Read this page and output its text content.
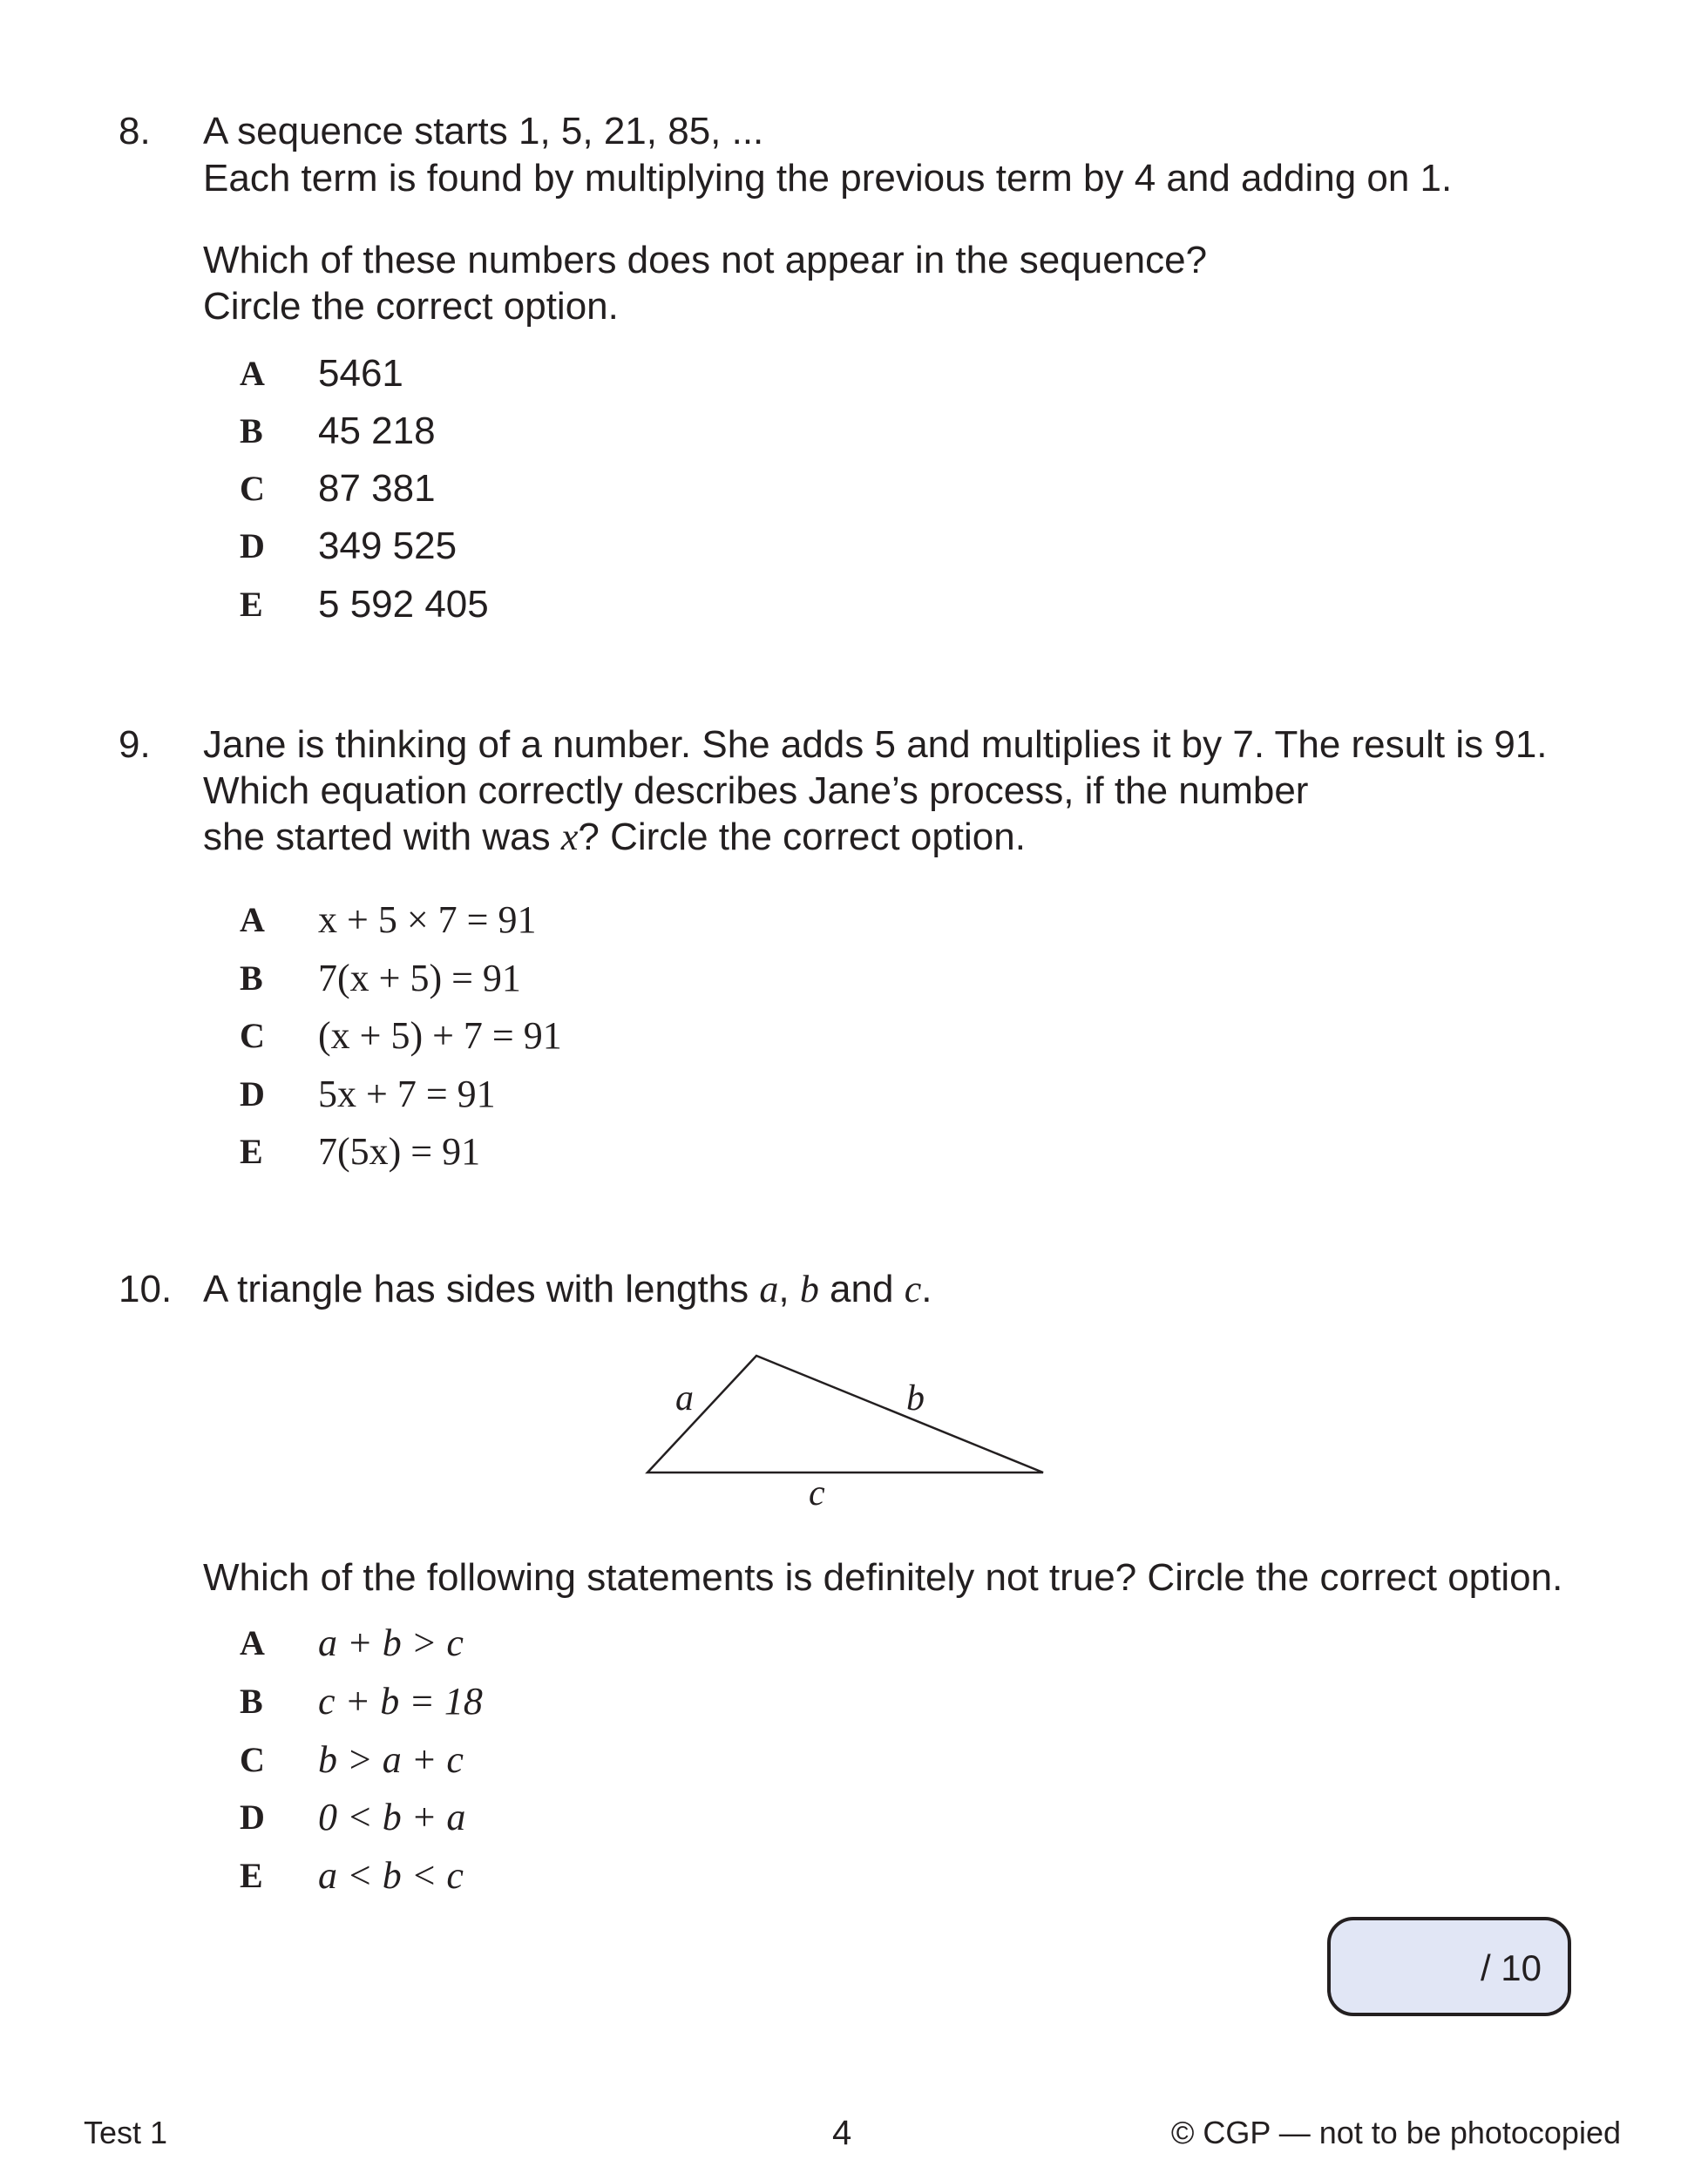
8. A sequence starts 1, 5, 21, 85, ...
Each term is found by multiplying the previous term by 4 and adding on 1.
Which of these numbers does not appear in the sequence?
Circle the correct option.
A 5461
B 45 218
C 87 381
D 349 525
E 5 592 405
9. Jane is thinking of a number. She adds 5 and multiplies it by 7. The result is 91.
Which equation correctly describes Jane’s process, if the number
she started with was x? Circle the correct option.
A x + 5 × 7 = 91
B 7(x + 5) = 91
C (x + 5) + 7 = 91
D 5x + 7 = 91
E 7(5x) = 91
10. A triangle has sides with lengths a, b and c.
a	b
c
Which of the following statements is definitely not true? Circle the correct option.
A a + b > c
B c + b = 18
C b > a + c
D 0 < b + a
E a < b < c
/ 10
Test 1	4	© CGP — not to be photocopied
